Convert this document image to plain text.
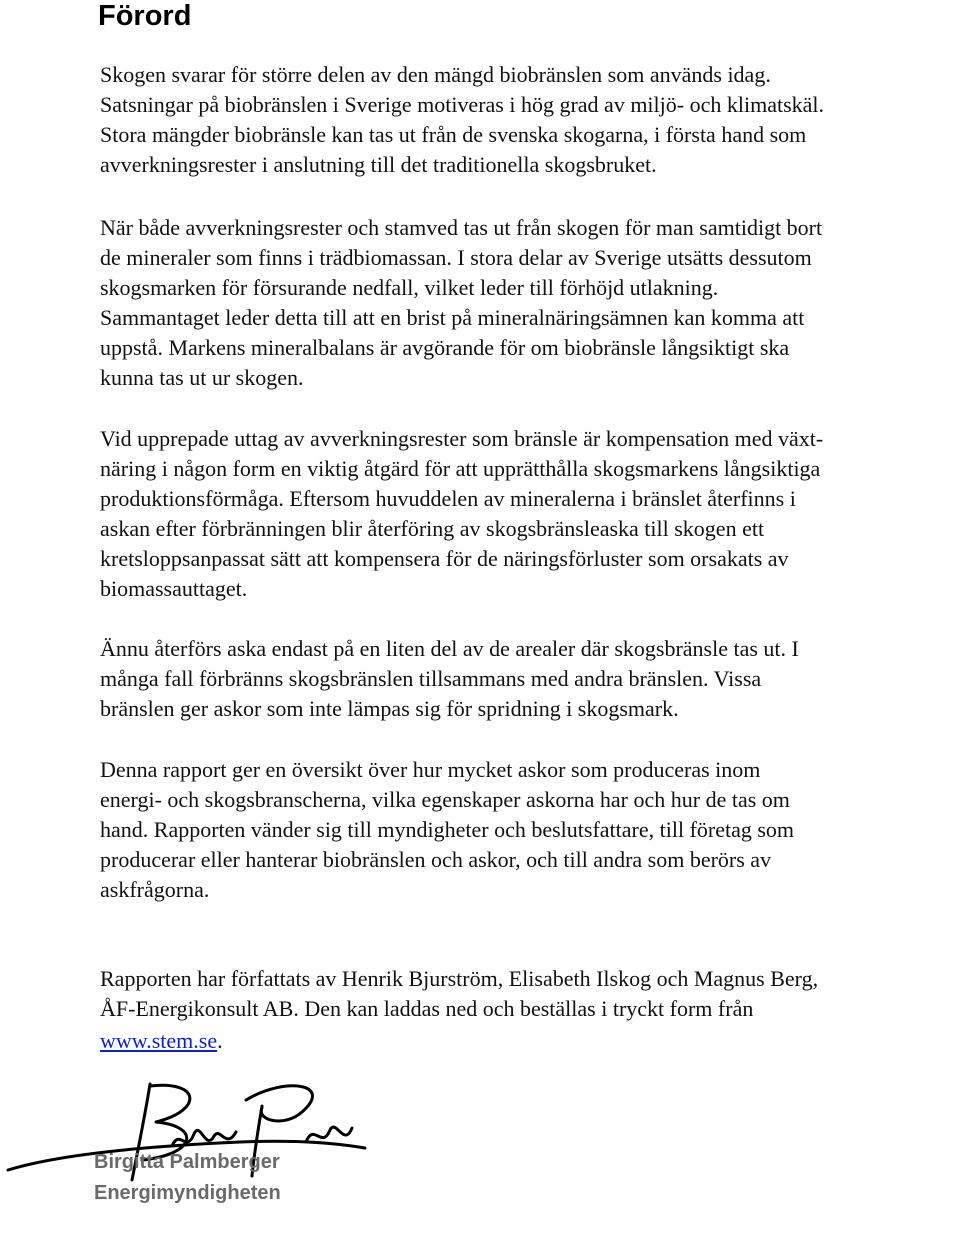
Förord

Skogen svarar för större delen av den mängd biobränslen som används idag.

Satsningar på biobränslen i Sverige motiveras i hög grad av miljö- och klimatskäl.

Stora mängder biobränsle kan tas ut från de svenska skogarna, i första hand som

avverkningsrester i anslutning till det traditionella skogsbruket.

När både avverkningsrester och stamved tas ut från skogen för man samtidigt bort

de mineraler som finns i trädbiomassan. I stora delar av Sverige utsätts dessutom

skogsmarken för försurande nedfall, vilket leder till förhöjd utlakning.

Sammantaget leder detta till att en brist på mineralnäringsämnen kan komma att

uppstå. Markens mineralbalans är avgörande för om biobränsle långsiktigt ska

kunna tas ut ur skogen.

Vid upprepade uttag av avverkningsrester som bränsle är kompensation med växt-

näring i någon form en viktig åtgärd för att upprätthålla skogsmarkens långsiktiga

produktionsförmåga. Eftersom huvuddelen av mineralerna i bränslet återfinns i

askan efter förbränningen blir återföring av skogsbränsleaska till skogen ett

kretsloppsanpassat sätt att kompensera för de näringsförluster som orsakats av

biomassauttaget.

Ännu återförs aska endast på en liten del av de arealer där skogsbränsle tas ut. I

många fall förbränns skogsbränslen tillsammans med andra bränslen. Vissa

bränslen ger askor som inte lämpas sig för spridning i skogsmark.

Denna rapport ger en översikt över hur mycket askor som produceras inom

energi- och skogsbranscherna, vilka egenskaper askorna har och hur de tas om

hand. Rapporten vänder sig till myndigheter och beslutsfattare, till företag som

producerar eller hanterar biobränslen och askor, och till andra som berörs av

askfrågorna.

Rapporten har författats av Henrik Bjurström, Elisabeth Ilskog och Magnus Berg,

ÅF-Energikonsult AB. Den kan laddas ned och beställas i tryckt form från

www.stem.se.

Birgitta Palmberger

Energimyndigheten
